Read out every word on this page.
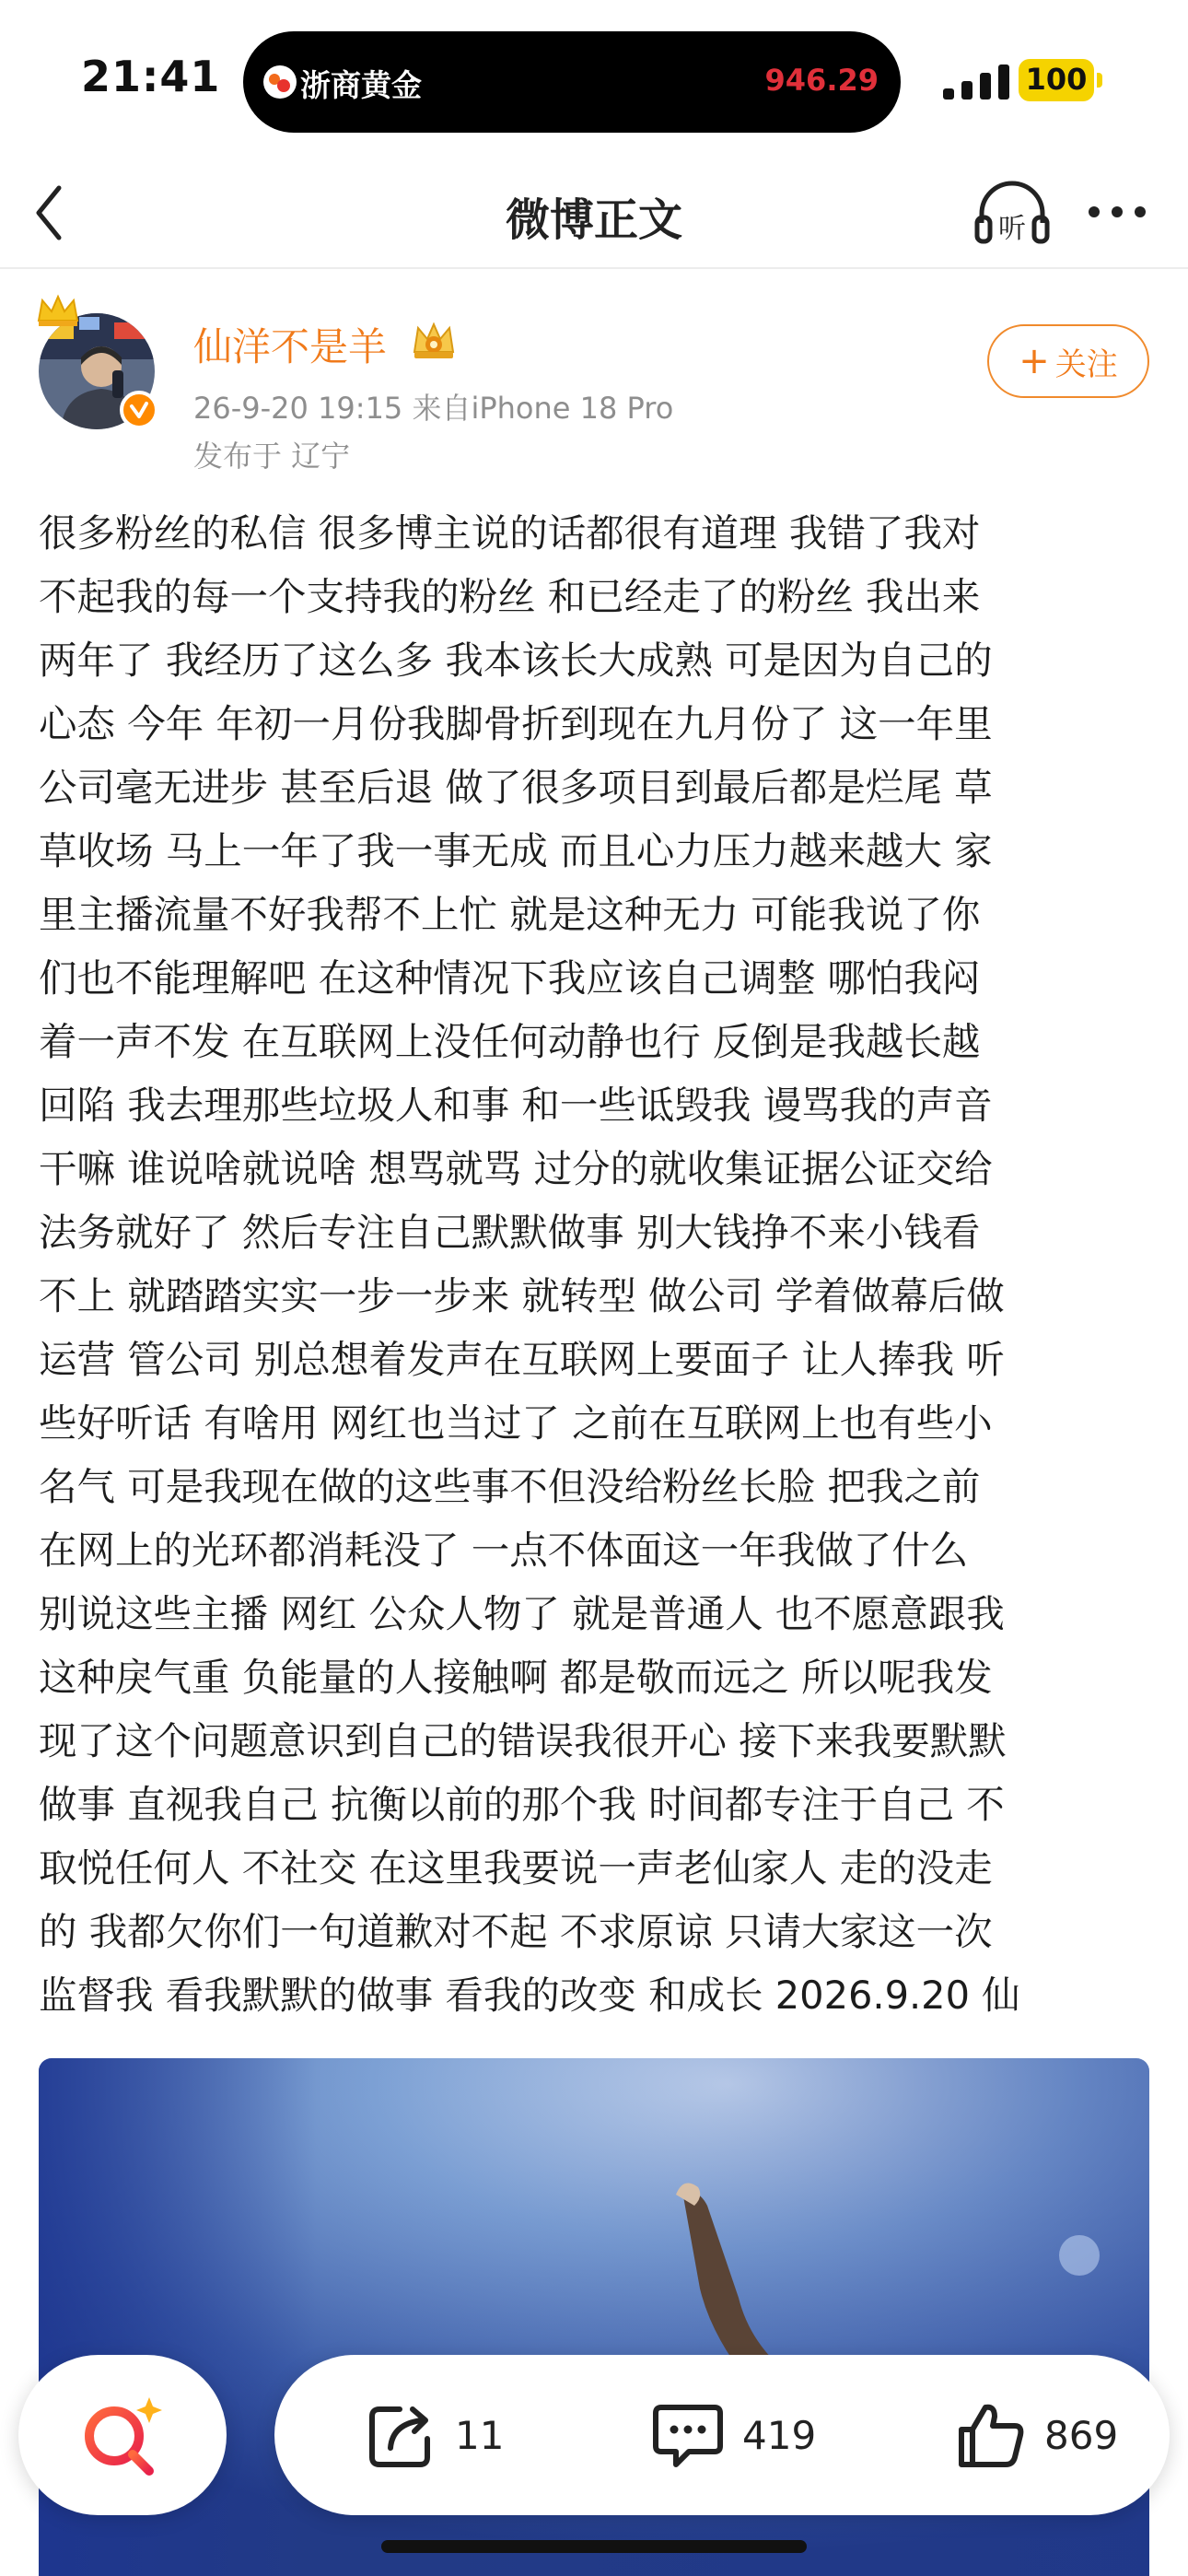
21:41	浙商黄金	946.29	100
微博正文	听
仙洋不是羊
26-9-20 19:15 来自iPhone 18 Pro
发布于 辽宁
+ 关注
很多粉丝的私信 很多博主说的话都很有道理 我错了我对
不起我的每一个支持我的粉丝 和已经走了的粉丝 我出来
两年了 我经历了这么多 我本该长大成熟 可是因为自己的
心态 今年 年初一月份我脚骨折到现在九月份了 这一年里
公司毫无进步 甚至后退 做了很多项目到最后都是烂尾 草
草收场 马上一年了我一事无成 而且心力压力越来越大 家
里主播流量不好我帮不上忙 就是这种无力 可能我说了你
们也不能理解吧 在这种情况下我应该自己调整 哪怕我闷
着一声不发 在互联网上没任何动静也行 反倒是我越长越
回陷 我去理那些垃圾人和事 和一些诋毁我 谩骂我的声音
干嘛 谁说啥就说啥 想骂就骂 过分的就收集证据公证交给
法务就好了 然后专注自己默默做事 别大钱挣不来小钱看
不上 就踏踏实实一步一步来 就转型 做公司 学着做幕后做
运营 管公司 别总想着发声在互联网上要面子 让人捧我 听
些好听话 有啥用 网红也当过了 之前在互联网上也有些小
名气 可是我现在做的这些事不但没给粉丝长脸 把我之前
在网上的光环都消耗没了 一点不体面这一年我做了什么
别说这些主播 网红 公众人物了 就是普通人 也不愿意跟我
这种戾气重 负能量的人接触啊 都是敬而远之 所以呢我发
现了这个问题意识到自己的错误我很开心 接下来我要默默
做事 直视我自己 抗衡以前的那个我 时间都专注于自己 不
取悦任何人 不社交 在这里我要说一声老仙家人 走的没走
的 我都欠你们一句道歉对不起 不求原谅 只请大家这一次
监督我 看我默默的做事 看我的改变 和成长 2026.9.20 仙
11	419	869
